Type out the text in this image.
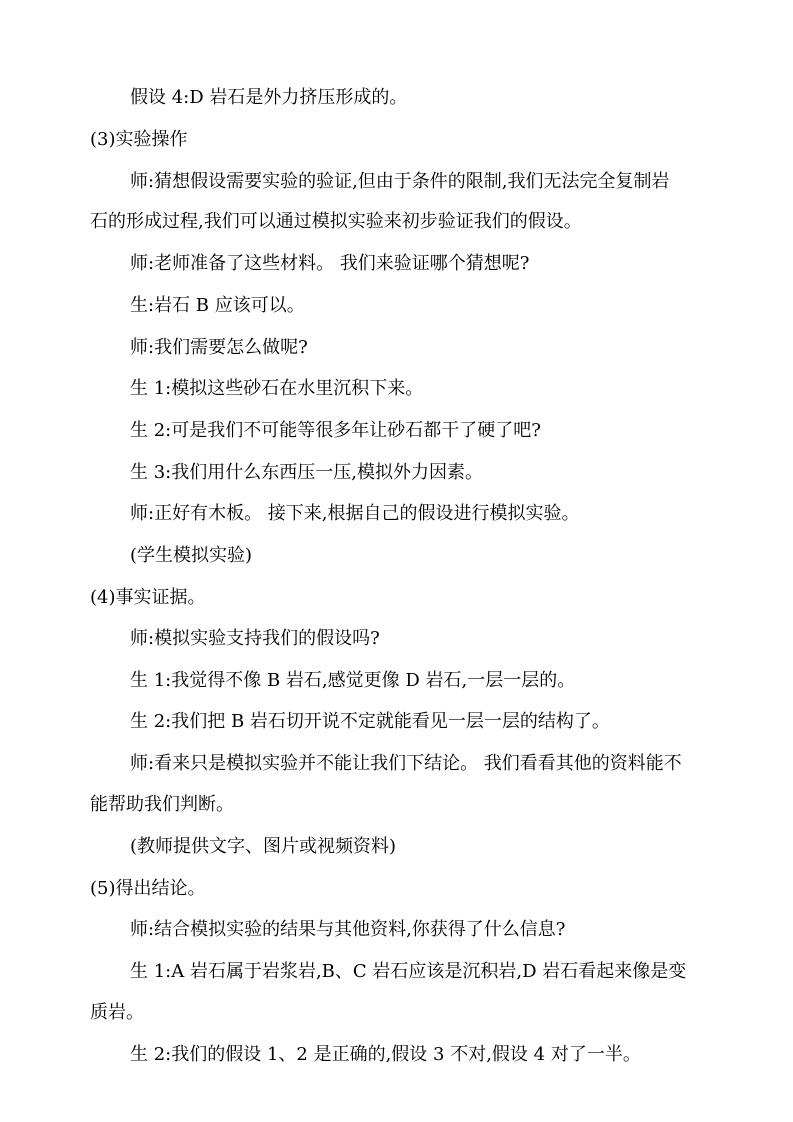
假设 4:D 岩石是外力挤压形成的。
(3)实验操作
师:猜想假设需要实验的验证,但由于条件的限制,我们无法完全复制岩
石的形成过程,我们可以通过模拟实验来初步验证我们的假设。
师:老师准备了这些材料。 我们来验证哪个猜想呢?
生:岩石 B 应该可以。
师:我们需要怎么做呢?
生 1:模拟这些砂石在水里沉积下来。
生 2:可是我们不可能等很多年让砂石都干了硬了吧?
生 3:我们用什么东西压一压,模拟外力因素。
师:正好有木板。 接下来,根据自己的假设进行模拟实验。
(学生模拟实验)
(4)事实证据。
师:模拟实验支持我们的假设吗?
生 1:我觉得不像 B 岩石,感觉更像 D 岩石,一层一层的。
生 2:我们把 B 岩石切开说不定就能看见一层一层的结构了。
师:看来只是模拟实验并不能让我们下结论。 我们看看其他的资料能不
能帮助我们判断。
(教师提供文字、图片或视频资料)
(5)得出结论。
师:结合模拟实验的结果与其他资料,你获得了什么信息?
生 1:A 岩石属于岩浆岩,B、C 岩石应该是沉积岩,D 岩石看起来像是变
质岩。
生 2:我们的假设 1、2 是正确的,假设 3 不对,假设 4 对了一半。
